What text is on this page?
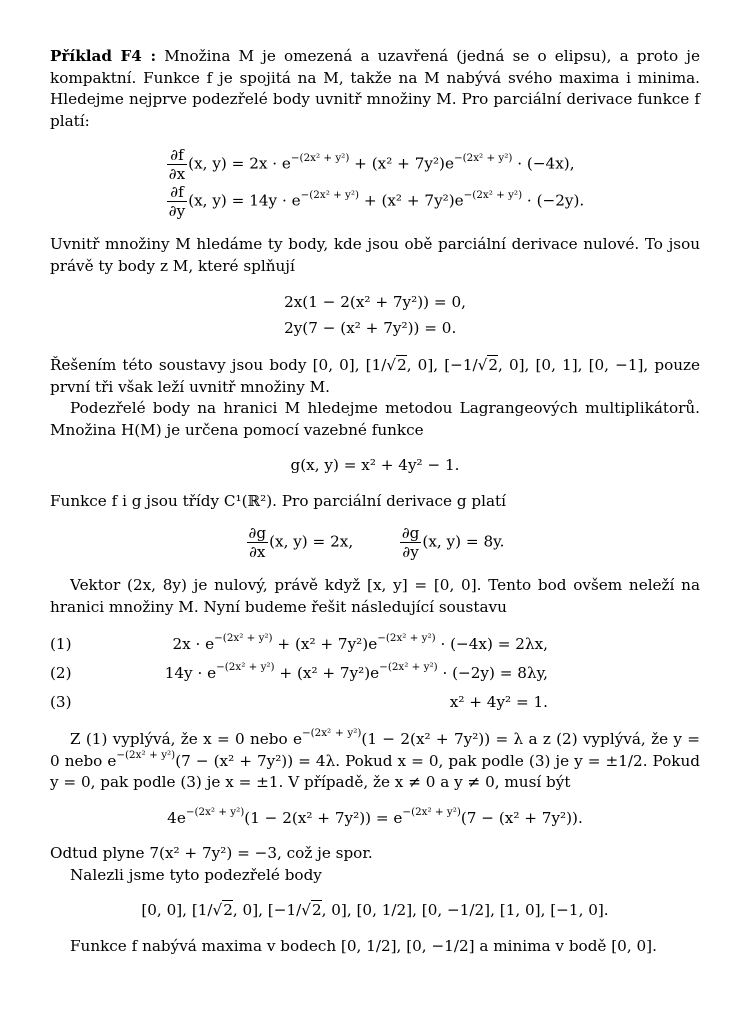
Příklad F4 : Množina M je omezená a uzavřená (jedná se o elipsu), a proto je kompaktní. Funkce f je spojitá na M, takže na M nabývá svého maxima i minima. Hledejme nejprve podezřelé body uvnitř množiny M. Pro parciální derivace funkce f platí:

$\frac{\partial f}{\partial x} (x$, $y) = 2x \cdot e^{-(2x^2 + y^2)} + (x^2 + 7y^2)e^{-(2x^2 + y^2)} \cdot (-4x)$,
$\frac{\partial f}{\partial y} (x$, $y) = 14y \cdot e^{-(2x^2 + y^2)} + (x^2 + 7y^2)e^{-(2x^2 + y^2)} \cdot (-2y)$.

Uvnitř množiny M hledáme ty body, kde jsou obě parciální derivace nulové. To jsou právě ty body z M, které splňují

2x(1 − 2(x² + 7y²)) = 0,
2y(7 − (x² + 7y²)) = 0.

Řešením této soustavy jsou body [0, 0], [1/√2, 0], [−1/√2, 0], [0, 1], [0, −1], pouze první tři však leží uvnitř množiny M.

Podezřelé body na hranici M hledejme metodou Lagrangeových multiplikátorů. Množina H(M) je určena pomocí vazebné funkce

g(x, y) = x² + 4y² − 1.

Funkce f i g jsou třídy C¹(ℝ²). Pro parciální derivace g platí

$\frac{\partial g}{\partial x} (x$, y) = 2x,	$\frac{\partial g}{\partial y} (x$, y) = 8y.

Vektor (2x, 8y) je nulový, právě když [x, y] = [0, 0]. Tento bod ovšem neleží na hranici množiny M. Nyní budeme řešit následující soustavu

(1)	$2x \cdot e^{-(2x^2 + y^2)} + (x^2 + 7y^2)e^{-(2x^2 + y^2)} \cdot (-4x) = 2\lambda x$,
(2)	$14y \cdot e^{-(2x^2 + y^2)} + (x^2 + 7y^2)e^{-(2x^2 + y^2)} \cdot (-2y) = 8\lambda y$,
(3)	x² + 4y² = 1.

Z (1) vyplývá, že x = 0 nebo $e^{-(2x^2 + y^2)}(1 - 2(x^2 + 7y^2)) = \lambda$ a z (2) vyplývá, že y = 0 nebo $e^{-(2x^2 + y^2)}(7 - (x^2 + 7y^2)) = 4\lambda$. Pokud x = 0, pak podle (3) je y = ±1/2. Pokud y = 0, pak podle (3) je x = ±1. V případě, že x ≠ 0 a y ≠ 0, musí být

$4e^{-(2x^2 + y^2)}(1 - 2(x^2 + 7y^2)) = e^{-(2x^2 + y^2)}(7 - (x^2 + 7y^2))$.

Odtud plyne 7(x² + 7y²) = −3, což je spor.

Nalezli jsme tyto podezřelé body

[0, 0], [1/√2, 0], [−1/√2, 0], [0, 1/2], [0, −1/2], [1, 0], [−1, 0].

Funkce f nabývá maxima v bodech [0, 1/2], [0, −1/2] a minima v bodě [0, 0].
